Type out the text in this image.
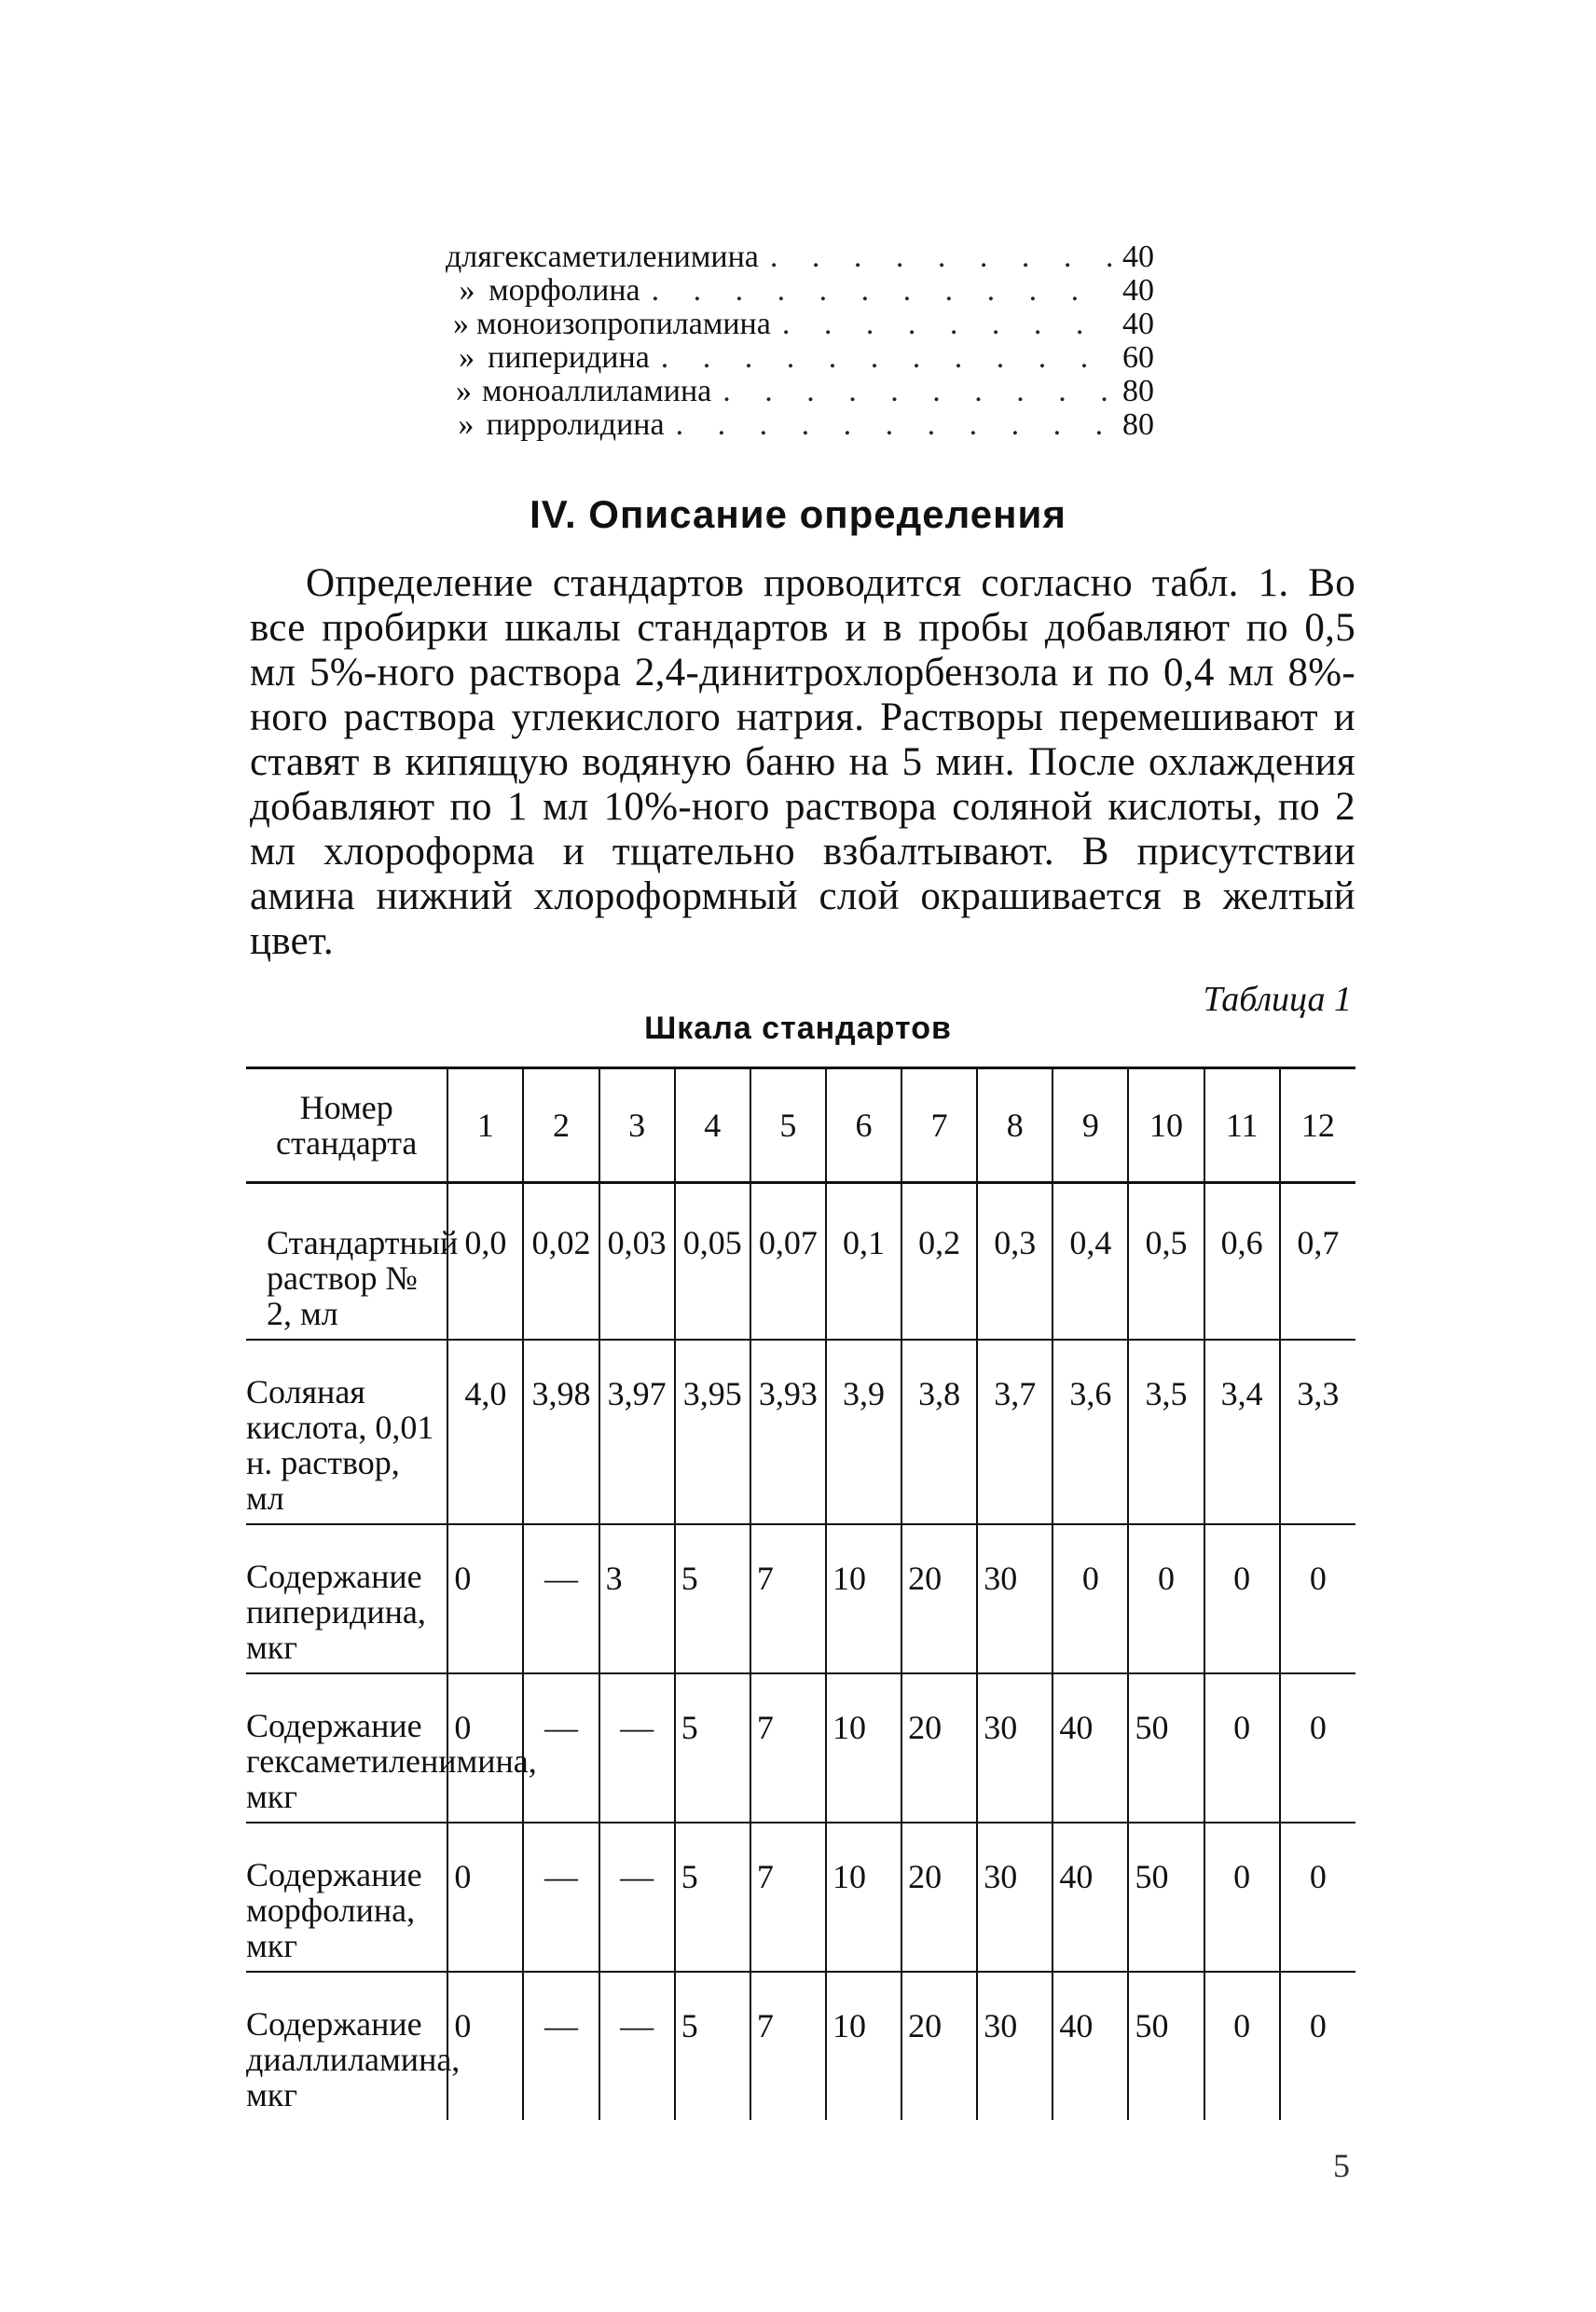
для гексаметиленимина . . .	40
» морфолина . . .	40
» моноизопропиламина . . .	40
» пиперидина . . .	60
» моноаллиламина . . .	80
» пирролидина . . .	80
IV. Описание определения

Определение стандартов проводится согласно табл. 1. Во все пробирки шкалы стандартов и в пробы добавляют по 0,5 мл 5%-ного раствора 2,4-динитрохлорбензола и по 0,4 мл 8%-ного раствора углекислого натрия. Растворы перемешивают и ставят в кипящую водяную баню на 5 мин. После охлаждения добавляют по 1 мл 10%-ного раствора соляной кислоты, по 2 мл хлороформа и тщательно взбалтывают. В присутствии амина нижний хлороформный слой окрашивается в желтый цвет.

Таблица 1
Шкала стандартов
Номер стандарта	1	2	3	4	5	6	7	8	9	10	11	12
Стандартный раствор № 2, мл	0,0	0,02	0,03	0,05	0,07	0,1	0,2	0,3	0,4	0,5	0,6	0,7
Соляная кислота, 0,01 н. раствор, мл	4,0	3,98	3,97	3,95	3,93	3,9	3,8	3,7	3,6	3,5	3,4	3,3
Содержание пиперидина, мкг	0	—	3	5	7	10	20	30	0	0	0	0
Содержание гексаметиленимина, мкг	0	—	—	5	7	10	20	30	40	50	0	0
Содержание морфолина, мкг	0	—	—	5	7	10	20	30	40	50	0	0
Содержание диаллиламина, мкг	0	—	—	5	7	10	20	30	40	50	0	0
5
